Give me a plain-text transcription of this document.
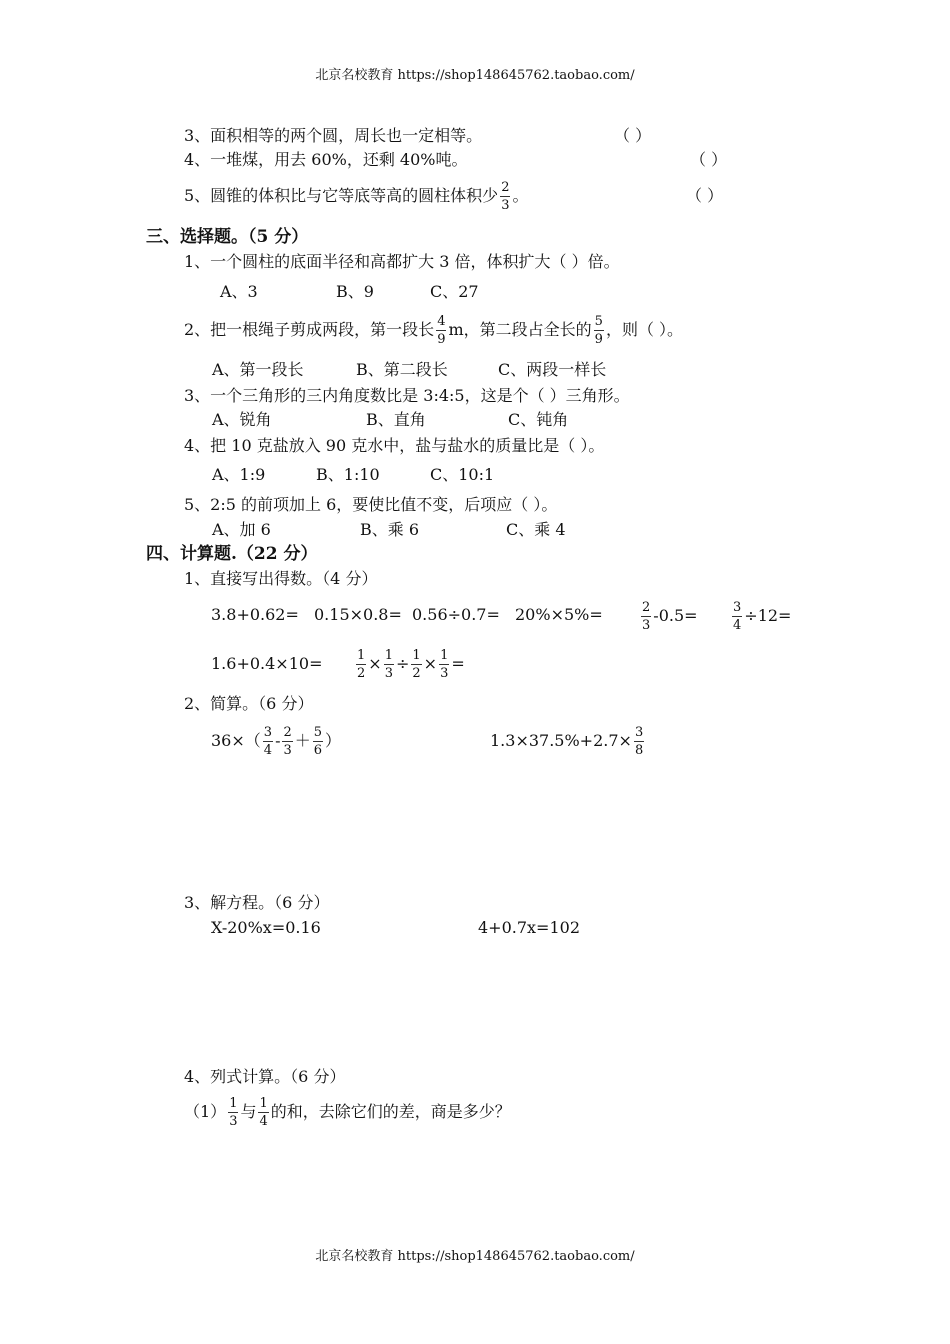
北京名校教育 https://shop148645762.taobao.com/
3、面积相等的两个圆，周长也一定相等。	（ ）
4、一堆煤，用去 60%，还剩 40%吨。	（ ）
5、圆锥的体积比与它等底等高的圆柱体积少 $\frac{2}{3}$ 。	（ ）
三、选择题。（5 分）
1、一个圆柱的底面半径和高都扩大 3 倍，体积扩大（ ）倍。
A、3	B、9	C、27
2、把一根绳子剪成两段，第一段长 $\frac{4}{9}$ m，第二段占全长的 $\frac{5}{9}$ ，则（ ）。
A、第一段长	B、第二段长	C、两段一样长
3、一个三角形的三内角度数比是 3:4:5，这是个（ ）三角形。
A、锐角	B、直角	C、钝角
4、把 10 克盐放入 90 克水中，盐与盐水的质量比是（ ）。
A、1:9	B、1:10	C、10:1
5、2:5 的前项加上 6，要使比值不变，后项应（ ）。
A、加 6	B、乘 6	C、乘 4
四、计算题.（22 分）
1、直接写出得数。（4 分）
3.8+0.62= 0.15×0.8= 0.56÷0.7= 20%×5%=	$\frac{2}{3} -0.5=$	$\frac{3}{4} \div 12=$
1.6+0.4×10=	$\frac{1}{2} \times \frac{1}{3} \div \frac{1}{2} \times \frac{1}{3}$ =
2、简算。（6 分）
$36\times( \frac{3}{4} - \frac{2}{3} + \frac{5}{6}$ ）	$1.3\times 37.5\%+2.7\times \frac{3}{8}$
3、解方程。（6 分）
X-20%x=0.16	4+0.7x=102
4、列式计算。（6 分）
$(1) \frac{1}{3}$ 与 $\frac{1}{4}$ 的和，去除它们的差，商是多少？
北京名校教育 https://shop148645762.taobao.com/
